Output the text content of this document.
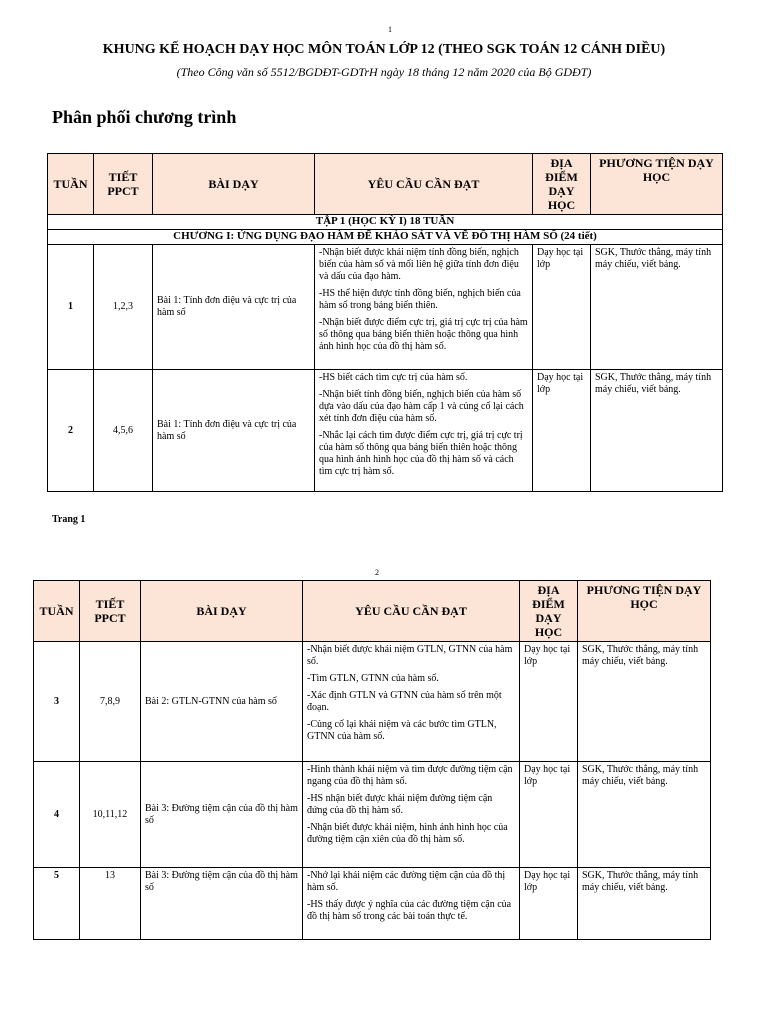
1
KHUNG KẾ HOẠCH DẠY HỌC MÔN TOÁN LỚP 12 (THEO SGK TOÁN 12 CÁNH DIỀU)
(Theo Công văn số 5512/BGDĐT-GDTrH ngày 18 tháng 12 năm 2020 của Bộ GDĐT)
Phân phối chương trình
TUẦN	TIẾT PPCT	BÀI DẠY	YÊU CẦU CẦN ĐẠT	ĐỊA ĐIỂM DẠY HỌC	PHƯƠNG TIỆN DẠY HỌC
TẬP 1 (HỌC KỲ I) 18 TUẦN					
CHƯƠNG I: ỨNG DỤNG ĐẠO HÀM ĐỂ KHẢO SÁT VÀ VẼ ĐỒ THỊ HÀM SỐ (24 tiết)					
1	1,2,3	Bài 1: Tính đơn điệu và cực trị của hàm số	-Nhận biết được khái niệm tính đồng biến, nghịch biến của hàm số và mối liên hệ giữa tính đơn điệu và dấu của đạo hàm.

-HS thể hiện được tính đồng biến, nghịch biến của hàm số trong bảng biến thiên.

-Nhận biết được điểm cực trị, giá trị cực trị của hàm số thông qua bảng biến thiên hoặc thông qua hình ảnh hình học của đồ thị hàm số.	Dạy học tại lớp	SGK, Thước thẳng, máy tính máy chiếu, viết bảng.
2	4,5,6	Bài 1: Tính đơn điệu và cực trị của hàm số	-HS biết cách tìm cực trị của hàm số.

-Nhận biết tính đồng biến, nghịch biến của hàm số dựa vào dấu của đạo hàm cấp 1 và củng cố lại cách xét tính đơn điệu của hàm số.

-Nhắc lại cách tìm được điểm cực trị, giá trị cực trị của hàm số thông qua bảng biến thiên hoặc thông qua hình ảnh hình học của đồ thị hàm số và cách tìm cực trị hàm số.	Dạy học tại lớp	SGK, Thước thẳng, máy tính máy chiếu, viết bảng.
Trang 1
2
TUẦN	TIẾT PPCT	BÀI DẠY	YÊU CẦU CẦN ĐẠT	ĐỊA ĐIỂM DẠY HỌC	PHƯƠNG TIỆN DẠY HỌC
3	7,8,9	Bài 2: GTLN-GTNN của hàm số	-Nhận biết được khái niệm GTLN, GTNN của hàm số.

-Tìm GTLN, GTNN của hàm số.

-Xác định GTLN và GTNN của hàm số trên một đoạn.

-Củng cố lại khái niệm và các bước tìm GTLN, GTNN của hàm số.	Dạy học tại lớp	SGK, Thước thẳng, máy tính máy chiếu, viết bảng.
4	10,11,12	Bài 3: Đường tiệm cận của đồ thị hàm số	-Hình thành khái niệm và tìm được đường tiệm cận ngang của đồ thị hàm số.

-HS nhận biết được khái niệm đường tiệm cận đứng của đồ thị hàm số.

-Nhận biết được khái niệm, hình ảnh hình học của đường tiệm cận xiên của đồ thị hàm số.	Dạy học tại lớp	SGK, Thước thẳng, máy tính máy chiếu, viết bảng.
5	13	Bài 3: Đường tiệm cận của đồ thị hàm số	-Nhớ lại khái niệm các đường tiệm cận của đồ thị hàm số.

-HS thấy được ý nghĩa của các đường tiệm cận của đồ thị hàm số trong các bài toán thực tế.	Dạy học tại lớp	SGK, Thước thẳng, máy tính máy chiếu, viết bảng.
